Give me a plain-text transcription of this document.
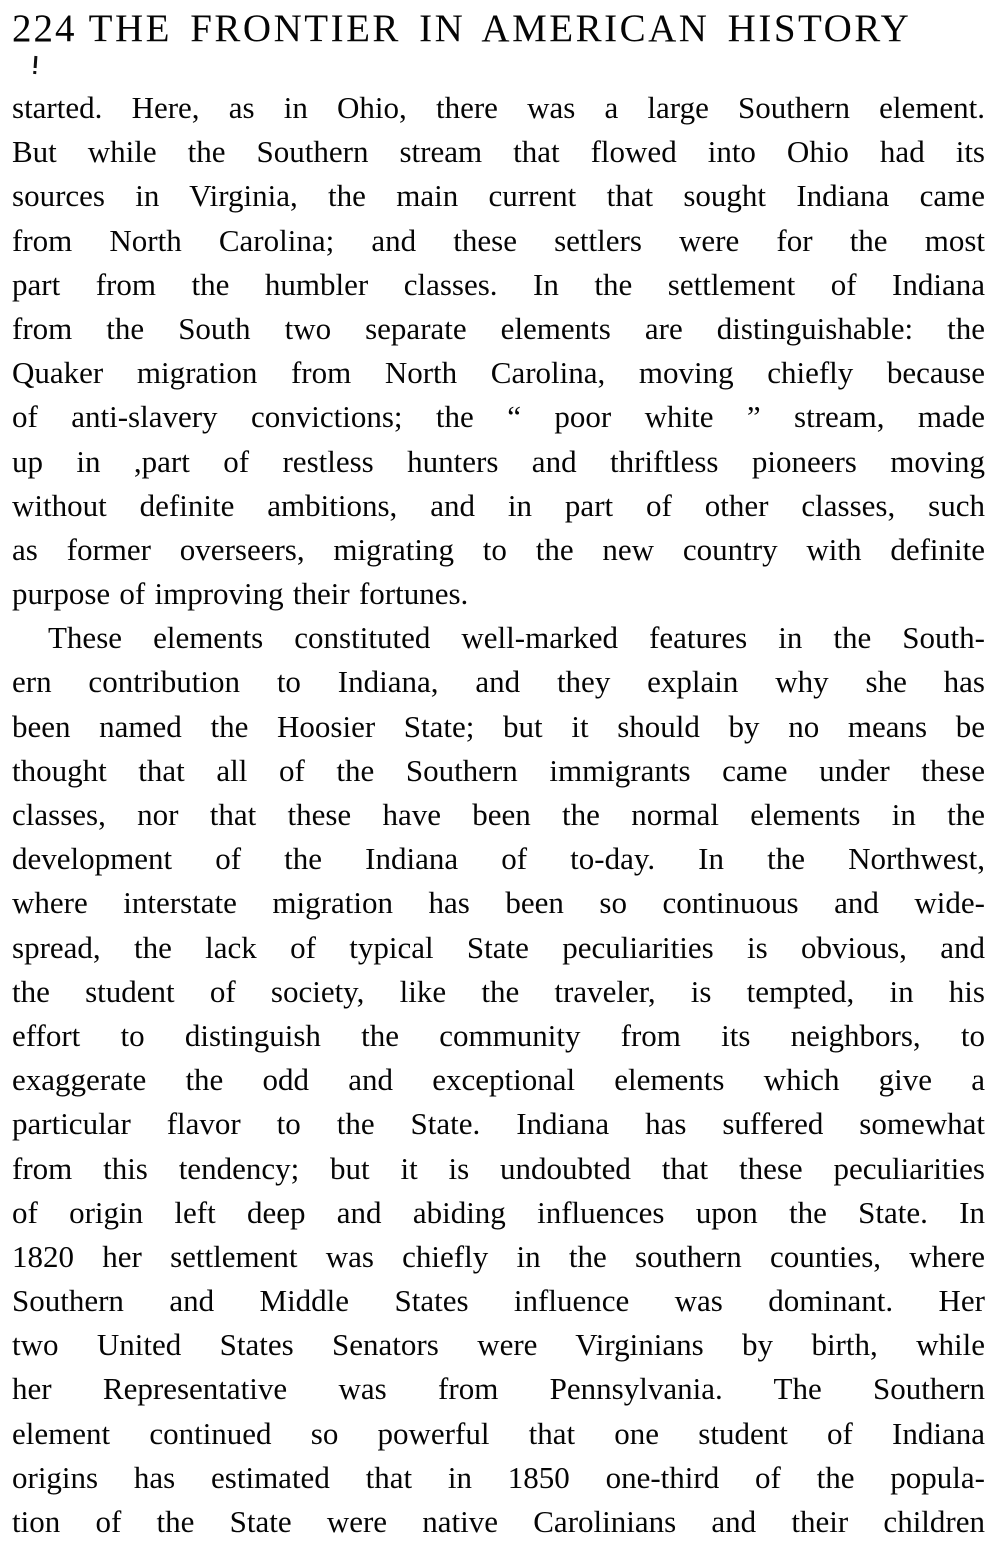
224 THE FRONTIER IN AMERICAN HISTORY
started. Here, as in Ohio, there was a large Southern element.
But while the Southern stream that flowed into Ohio had its
sources in Virginia, the main current that sought Indiana came
from North Carolina; and these settlers were for the most
part from the humbler classes. In the settlement of Indiana
from the South two separate elements are distinguishable: the
Quaker migration from North Carolina, moving chiefly because
of anti-slavery convictions; the “ poor white ” stream, made
up in ,part of restless hunters and thriftless pioneers moving
without definite ambitions, and in part of other classes, such
as former overseers, migrating to the new country with definite
purpose of improving their fortunes.
These elements constituted well-marked features in the South-
ern contribution to Indiana, and they explain why she has
been named the Hoosier State; but it should by no means be
thought that all of the Southern immigrants came under these
classes, nor that these have been the normal elements in the
development of the Indiana of to-day. In the Northwest,
where interstate migration has been so continuous and wide-
spread, the lack of typical State peculiarities is obvious, and
the student of society, like the traveler, is tempted, in his
effort to distinguish the community from its neighbors, to
exaggerate the odd and exceptional elements which give a
particular flavor to the State. Indiana has suffered somewhat
from this tendency; but it is undoubted that these peculiarities
of origin left deep and abiding influences upon the State. In
1820 her settlement was chiefly in the southern counties, where
Southern and Middle States influence was dominant. Her
two United States Senators were Virginians by birth, while
her Representative was from Pennsylvania. The Southern
element continued so powerful that one student of Indiana
origins has estimated that in 1850 one-third of the popula-
tion of the State were native Carolinians and their children
